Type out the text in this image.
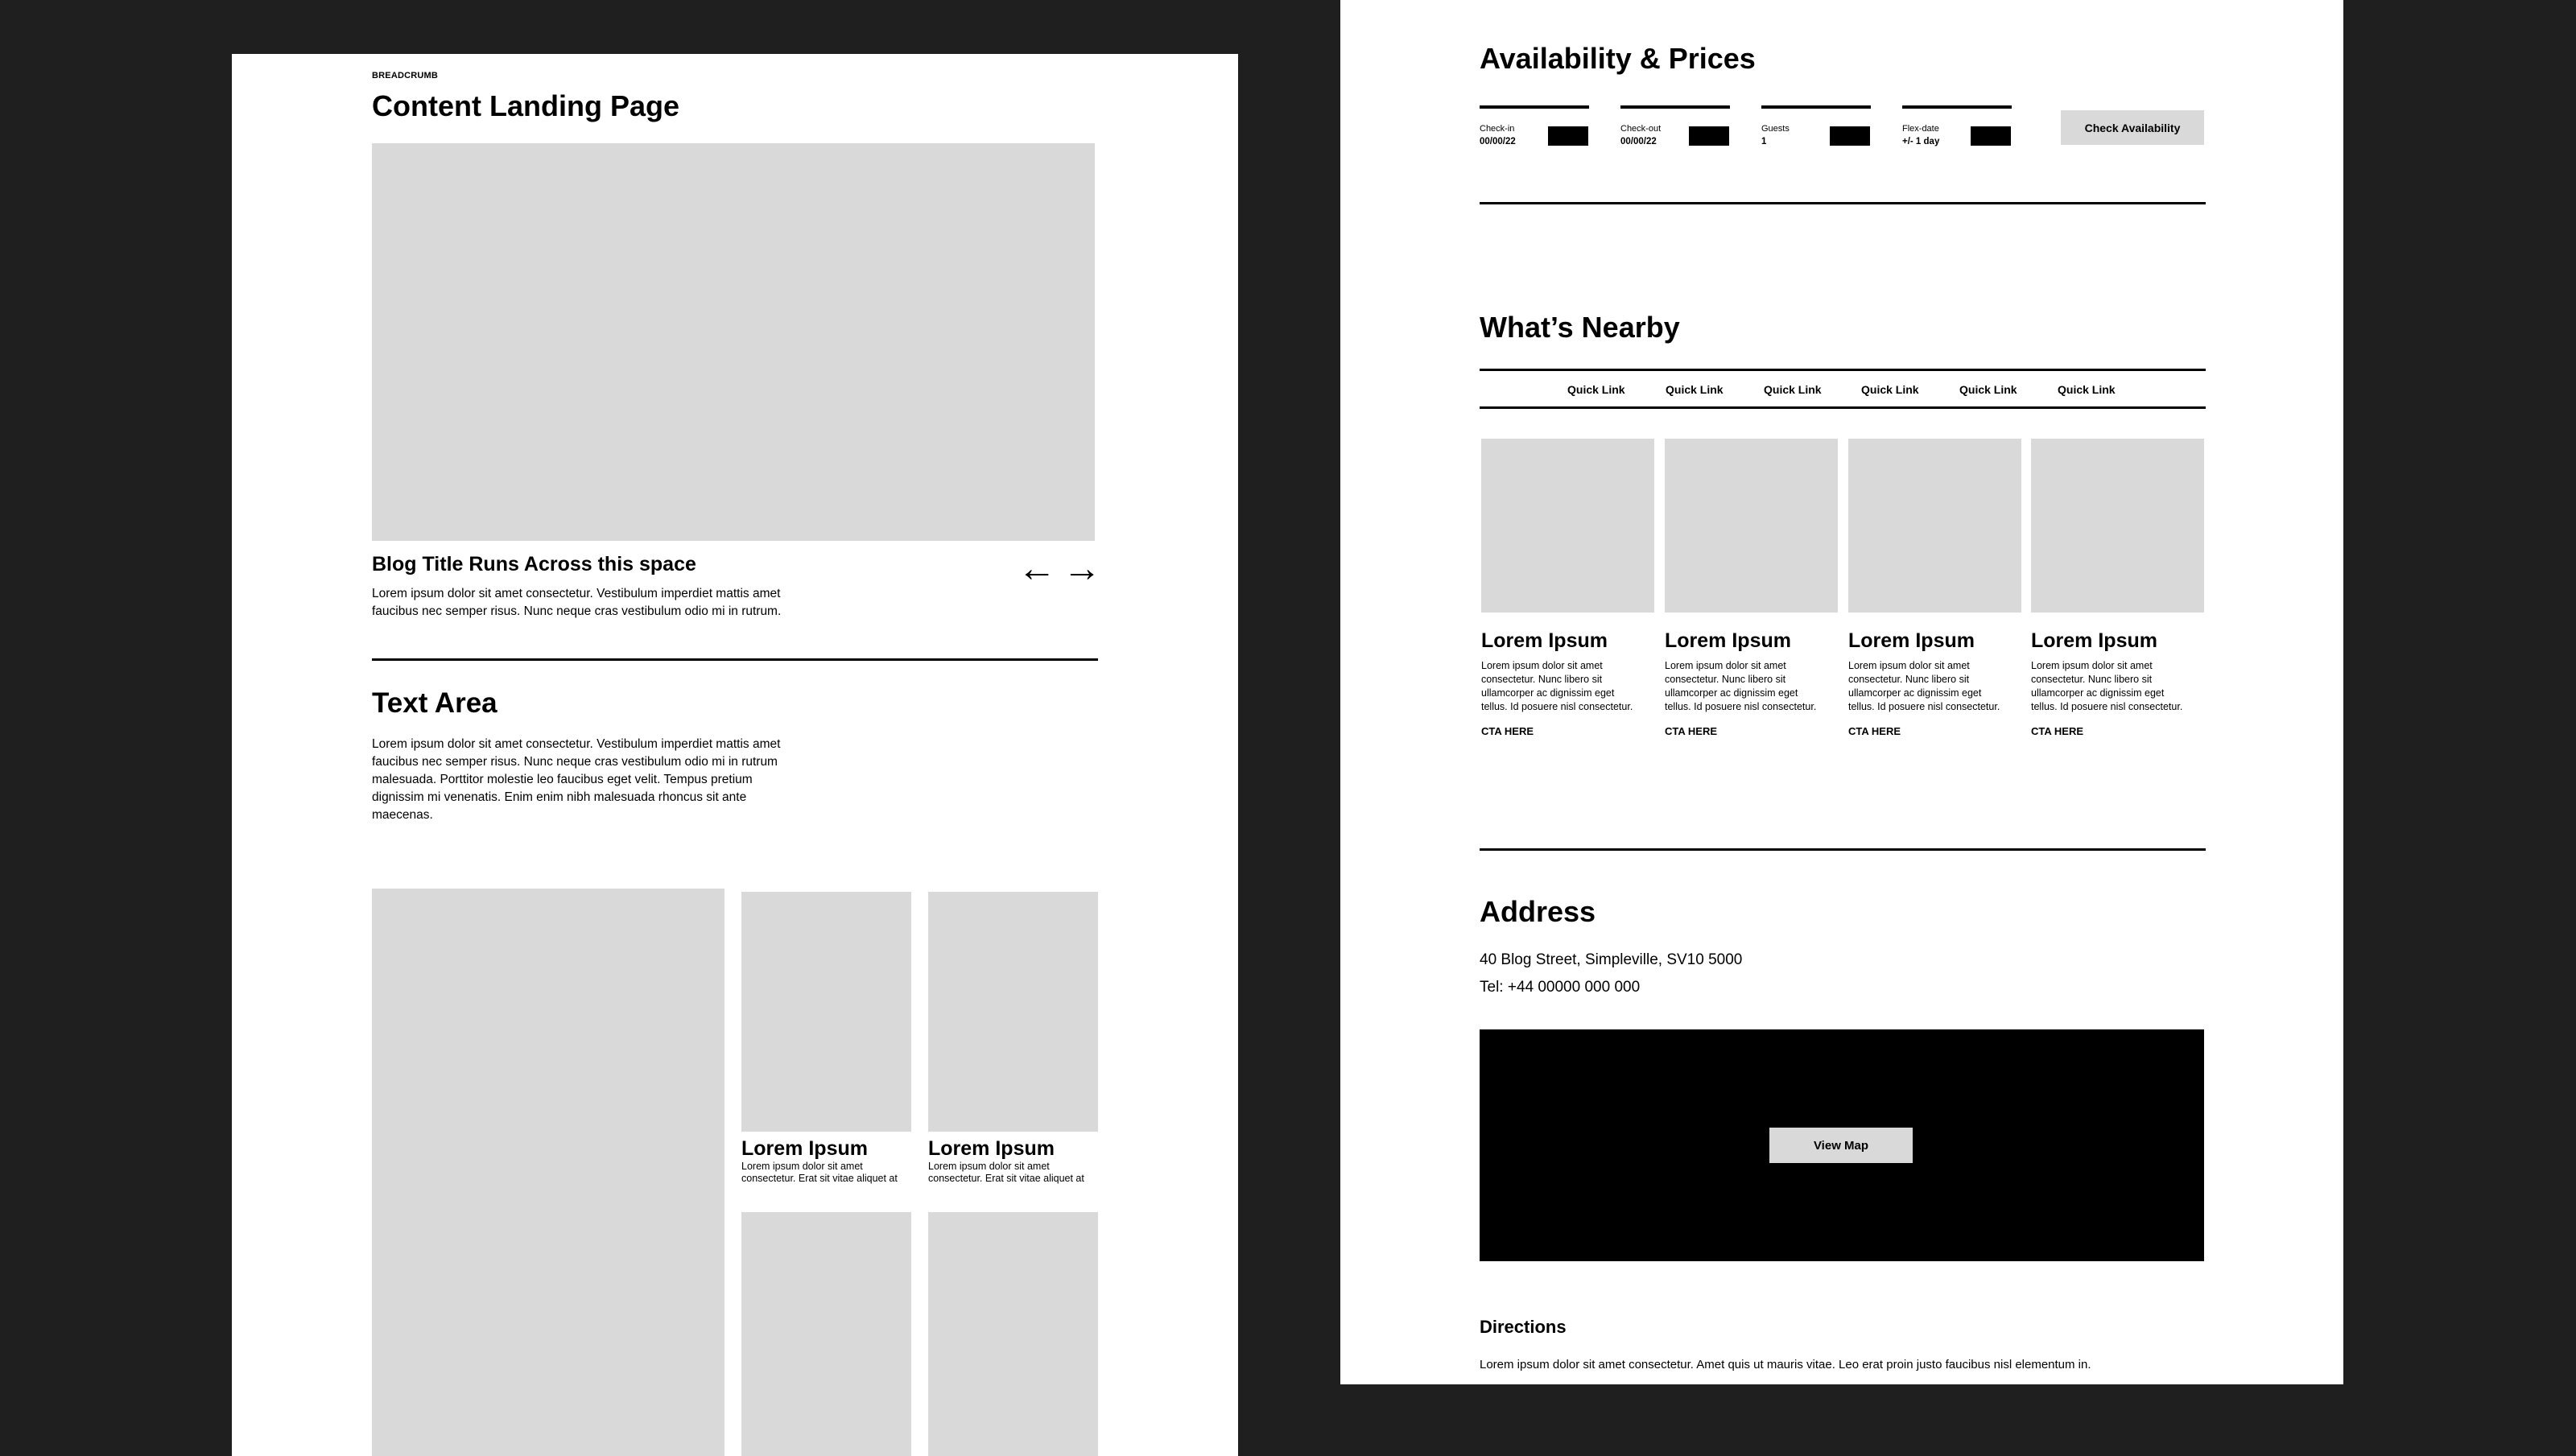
BREADCRUMB
Content Landing Page
Blog Title Runs Across this space
Lorem ipsum dolor sit amet consectetur. Vestibulum imperdiet mattis amet
faucibus nec semper risus. Nunc neque cras vestibulum odio mi in rutrum.
← →
Text Area
Lorem ipsum dolor sit amet consectetur. Vestibulum imperdiet mattis amet
faucibus nec semper risus. Nunc neque cras vestibulum odio mi in rutrum
malesuada. Porttitor molestie leo faucibus eget velit. Tempus pretium
dignissim mi venenatis. Enim enim nibh malesuada rhoncus sit ante
maecenas.
Lorem Ipsum
Lorem ipsum dolor sit amet
consectetur. Erat sit vitae aliquet at
Lorem Ipsum
Lorem ipsum dolor sit amet
consectetur. Erat sit vitae aliquet at
Availability & Prices
Check-in
00/00/22
Check-out
00/00/22
Guests
1
Flex-date
+/- 1 day
Check Availability
What’s Nearby
Quick Link	Quick Link	Quick Link	Quick Link	Quick Link	Quick Link
Lorem Ipsum
Lorem ipsum dolor sit amet
consectetur. Nunc libero sit
ullamcorper ac dignissim eget
tellus. Id posuere nisl consectetur.
CTA HERE
Lorem Ipsum
Lorem ipsum dolor sit amet
consectetur. Nunc libero sit
ullamcorper ac dignissim eget
tellus. Id posuere nisl consectetur.
CTA HERE
Lorem Ipsum
Lorem ipsum dolor sit amet
consectetur. Nunc libero sit
ullamcorper ac dignissim eget
tellus. Id posuere nisl consectetur.
CTA HERE
Lorem Ipsum
Lorem ipsum dolor sit amet
consectetur. Nunc libero sit
ullamcorper ac dignissim eget
tellus. Id posuere nisl consectetur.
CTA HERE
Address
40 Blog Street, Simpleville, SV10 5000
Tel: +44 00000 000 000
View Map
Directions
Lorem ipsum dolor sit amet consectetur. Amet quis ut mauris vitae. Leo erat proin justo faucibus nisl elementum in.
